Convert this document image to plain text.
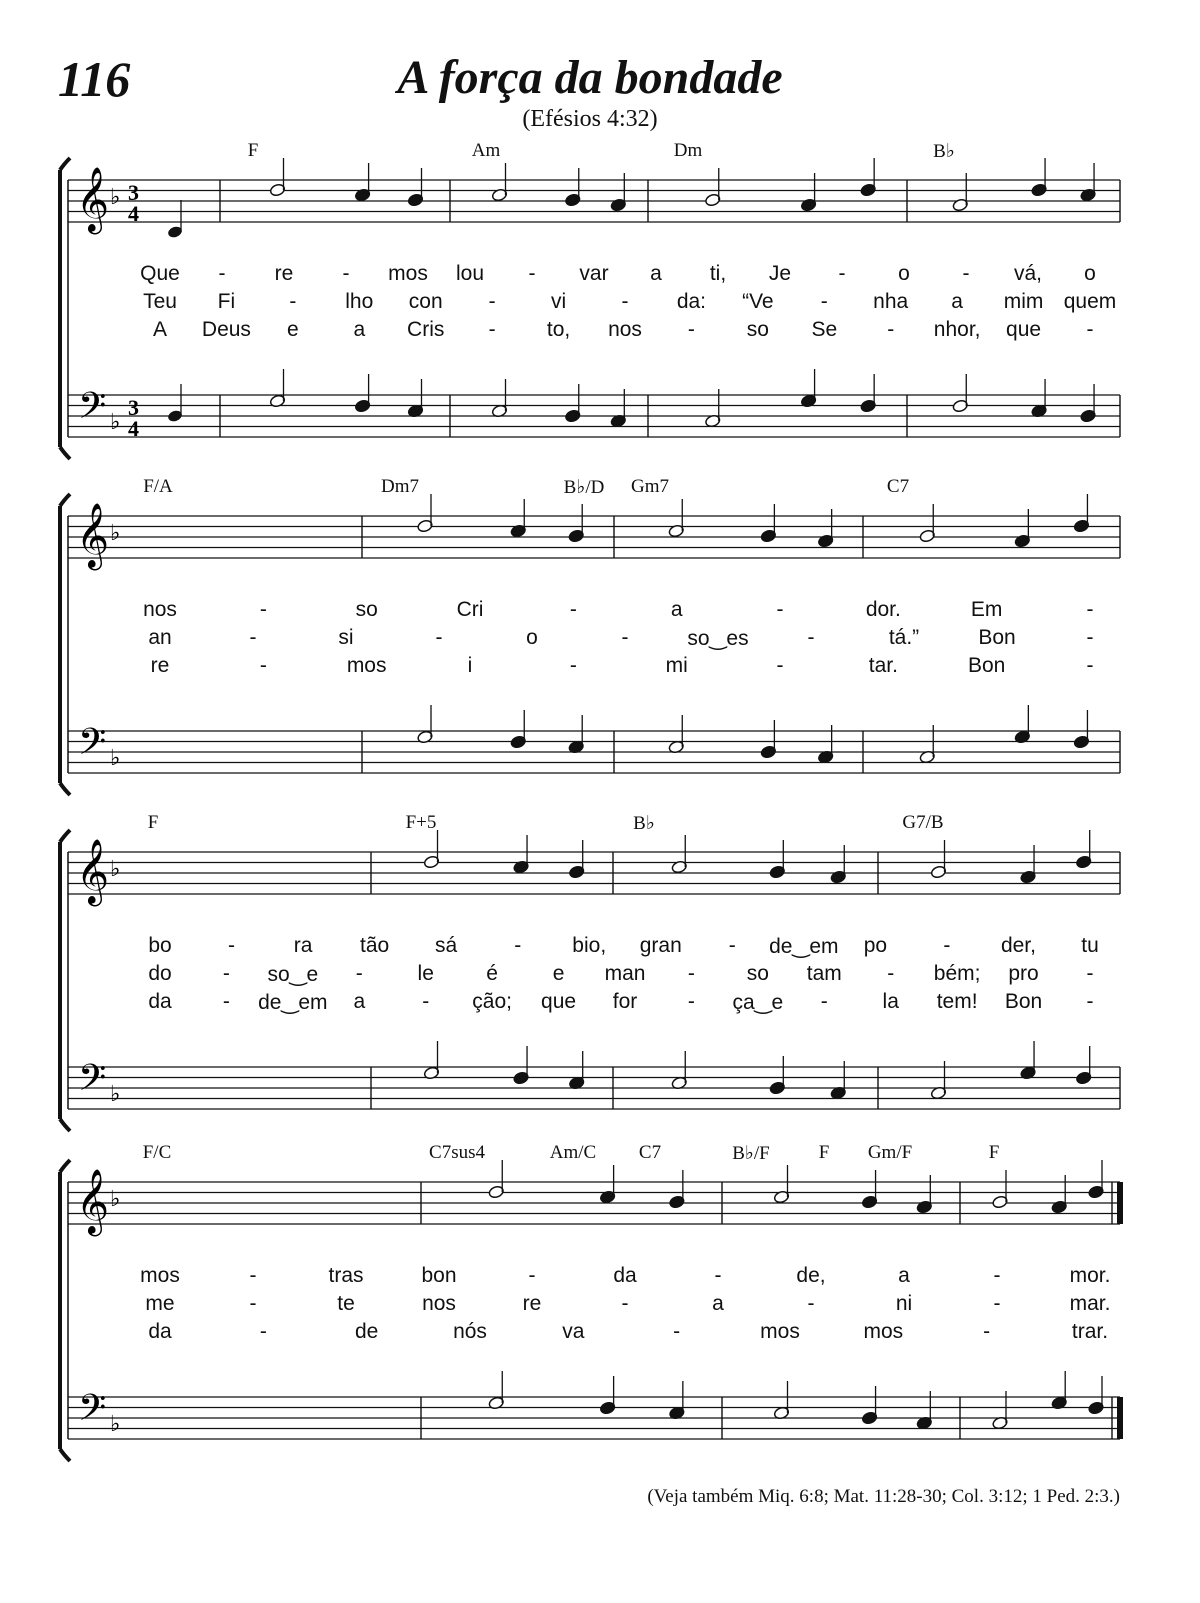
116	A força da bondade
(Efésios 4:32)
𝄞
𝄢
♭
♭
3
4
3
4
F	Am	Dm	B♭
Que - re - mos lou - var a ti, Je -	o	- vá, o
Teu Fi	- lho con -	vi	- da: “Ve - nha a mim quem
A Deus e	a Cris - to, nos - so Se - nhor, que -
𝄞
𝄢
♭
♭
F/A	Dm7	B♭/D Gm7	C7
nos	-	so	Cri	-	a	-	dor.	Em	-
an	-	si	-	o	-	so‿es	-	tá.”	Bon	-
re	-	mos	i	-	mi	-	tar.	Bon	-
𝄞
𝄢
♭
♭
F	F+5	B♭	G7/B
bo	-	ra tão sá	- bio, gran - de‿em po	- der, tu
do - so‿e -	le é	e man - so tam - bém; pro -
da - de‿em a	- ção; que for - ça‿e -	la tem! Bon -
𝄞
𝄢
♭
♭
F/C	C7sus4	Am/C C7	B♭/F	F Gm/F	F
mos	-	tras	bon	-	da	-	de,	a	-	mor.
me	-	te	nos	re	-	a	-	ni	-	mar.
da	-	de	nós	va	-	mos	mos	-	trar.
(Veja também Miq. 6:8; Mat. 11:28-30; Col. 3:12; 1 Ped. 2:3.)
